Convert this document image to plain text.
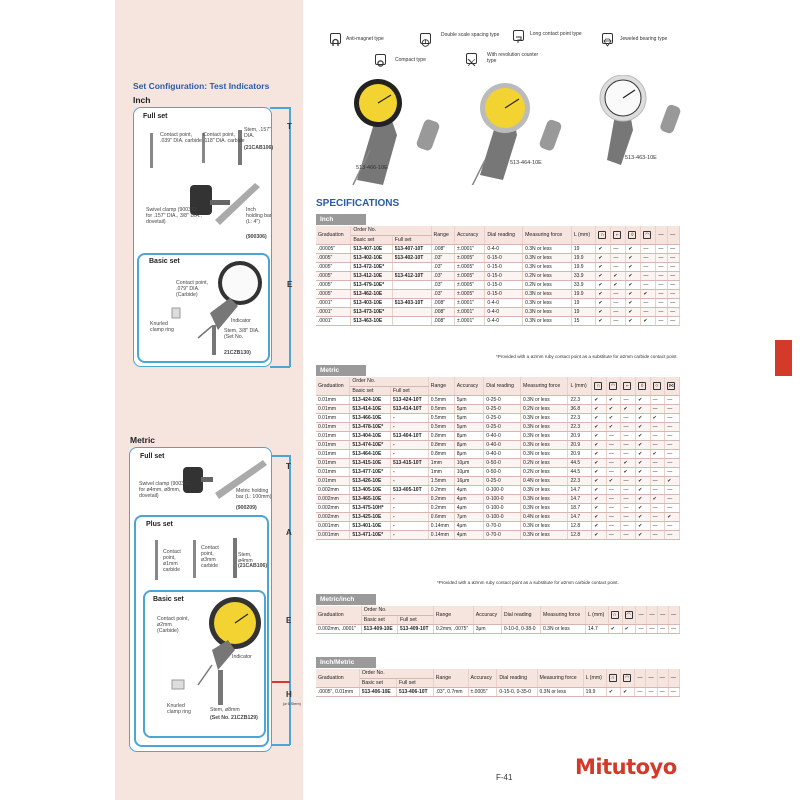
Anti-magnet type
Double scale spacing type	Long contact point type
Jeweled bearing type
Compact type
With revolution counter type
513-466-10E
513-464-10E
513-463-10E
Set Configuration: Test Indicators
Inch
T
E
Full set
Contact point, .039" DIA. carbide
Contact point, .118" DIA. carbide
Stem, .157" DIA.
(21CAB106)
Swivel clamp (900322, for .157" DIA., 3/8" DIA., dovetail)
Inch holding bar (L: 4")
(900306)
Basic set
Contact point, .079" DIA. (Carbide)
Indicator
Knurled clamp ring	Stem, 3/8" DIA. (Set No.
21CZB130)
Metric
T
A
E
H
(ø 6 Stem)
Full set
Swivel clamp (900321, for ø4mm, ø8mm, dovetail)
Metric holding bar (L: 100mm)
(900209)
Plus set
Contact point, ø1mm carbide
Contact point, ø3mm carbide
Stem, ø4mm
(21CAB106)
Basic set
Contact point, ø2mm (Carbide)
Indicator
Knurled clamp ring	Stem, ø8mm
(Set No. 21CZB129)
SPECIFICATIONS
Inch
Graduation	Order No.		Range	Accuracy	Dial reading	Measuring force	L (mm)	∩	⌐	◊	◠	—	—
	Basic set	Full set											
.00005"	513-407-10E	513-407-10T	.008"	±.0001"	0-4-0	0.3N or less	19	✔	—	✔	—	—	—
.0005"	513-402-10E	513-402-10T	.03"	±.0005"	0-15-0	0.3N or less	19.9	✔	—	✔	—	—	—
.0005"	513-472-10E*		.03"	±.0005"	0-15-0	0.3N or less	19.9	✔	—	✔	—	—	—
.0005"	513-412-10E	513-412-10T	.03"	±.0005"	0-15-0	0.2N or less	33.9	✔	✔	✔	—	—	—
.0005"	513-479-10E*		.03"	±.0005"	0-15-0	0.2N or less	33.9	✔	✔	✔	—	—	—
.0005"	513-462-10E		.03"	±.0005"	0-15-0	0.3N or less	19.9	✔	—	✔	✔	—	—
.0001"	513-403-10E	513-403-10T	.008"	±.0001"	0-4-0	0.3N or less	19	✔	—	✔	—	—	—
.0001"	513-473-10E*		.008"	±.0001"	0-4-0	0.3N or less	19	✔	—	✔	—	—	—
.0001"	513-463-10E		.008"	±.0001"	0-4-0	0.3N or less	15	✔	—	✔	✔	—	—
*Provided with a ø2mm ruby contact point as a substitute for ø2mm carbide contact point.
Metric
Graduation	Order No.		Range	Accuracy	Dial reading	Measuring force	L (mm)	∩	◠	⌐	◊	○	⋈
	Basic set	Full set											
0.01mm	513-424-10E	513-424-10T	0.5mm	5μm	0-25-0	0.3N or less	22.3	✔	✔	—	✔	—	—
0.01mm	513-414-10E	513-414-10T	0.5mm	5μm	0-25-0	0.2N or less	36.8	✔	✔	✔	✔	—	—
0.01mm	513-466-10E	-	0.5mm	5μm	0-25-0	0.3N or less	22.3	✔	✔	—	✔	✔	—
0.01mm	513-478-10E*	-	0.5mm	5μm	0-25-0	0.3N or less	22.3	✔	✔	—	✔	—	—
0.01mm	513-404-10E	513-404-10T	0.8mm	8μm	0-40-0	0.3N or less	20.9	✔	—	—	✔	—	—
0.01mm	513-474-10E*	-	0.8mm	8μm	0-40-0	0.3N or less	20.9	✔	—	—	✔	—	—
0.01mm	513-464-10E	-	0.8mm	8μm	0-40-0	0.3N or less	20.9	✔	—	—	✔	✔	—
0.01mm	513-415-10E	513-415-10T	1mm	10μm	0-50-0	0.2N or less	44.5	✔	—	✔	✔	—	—
0.01mm	513-477-10E*	-	1mm	10μm	0-50-0	0.2N or less	44.5	✔	—	✔	✔	—	—
0.01mm	513-426-10E	-	1.5mm	16μm	0-25-0	0.4N or less	22.3	✔	✔	—	✔	—	✔
0.002mm	513-405-10E	513-405-10T	0.2mm	4μm	0-100-0	0.3N or less	14.7	✔	—	—	✔	—	—
0.002mm	513-465-10E	-	0.2mm	4μm	0-100-0	0.3N or less	14.7	✔	—	—	✔	✔	—
0.002mm	513-475-10H*	-	0.2mm	4μm	0-100-0	0.3N or less	18.7	✔	—	—	✔	—	—
0.002mm	513-425-10E	-	0.6mm	7μm	0-100-0	0.4N or less	14.7	✔	—	—	✔	—	✔
0.001mm	513-401-10E	-	0.14mm	4μm	0-70-0	0.3N or less	12.8	✔	—	—	✔	—	—
0.001mm	513-471-10E*	-	0.14mm	4μm	0-70-0	0.3N or less	12.8	✔	—	—	✔	—	—
*Provided with a ø2mm ruby contact point as a substitute for ø2mm carbide contact point.
Metric/inch
Graduation	Order No.		Range	Accuracy	Dial reading	Measuring force	L (mm)	∩	◠	—	—	—	—
	Basic set	Full set											
0.002mm, .0001"	513-409-10E	513-409-10T	0.2mm, .0075"	3μm	0-10-0, 0-38-0	0.3N or less	14.7	✔	✔	—	—	—	—
Inch/Metric
Graduation	Order No.		Range	Accuracy	Dial reading	Measuring force	L (mm)	∩	◠	—	—	—	—
	Basic set	Full set											
.0005", 0.01mm	513-406-10E	513-406-10T	.03", 0.7mm	±.0005"	0-15-0, 0-35-0	0.3N or less	19.9	✔	✔	—	—	—	—
F-41	Mitutoyo
